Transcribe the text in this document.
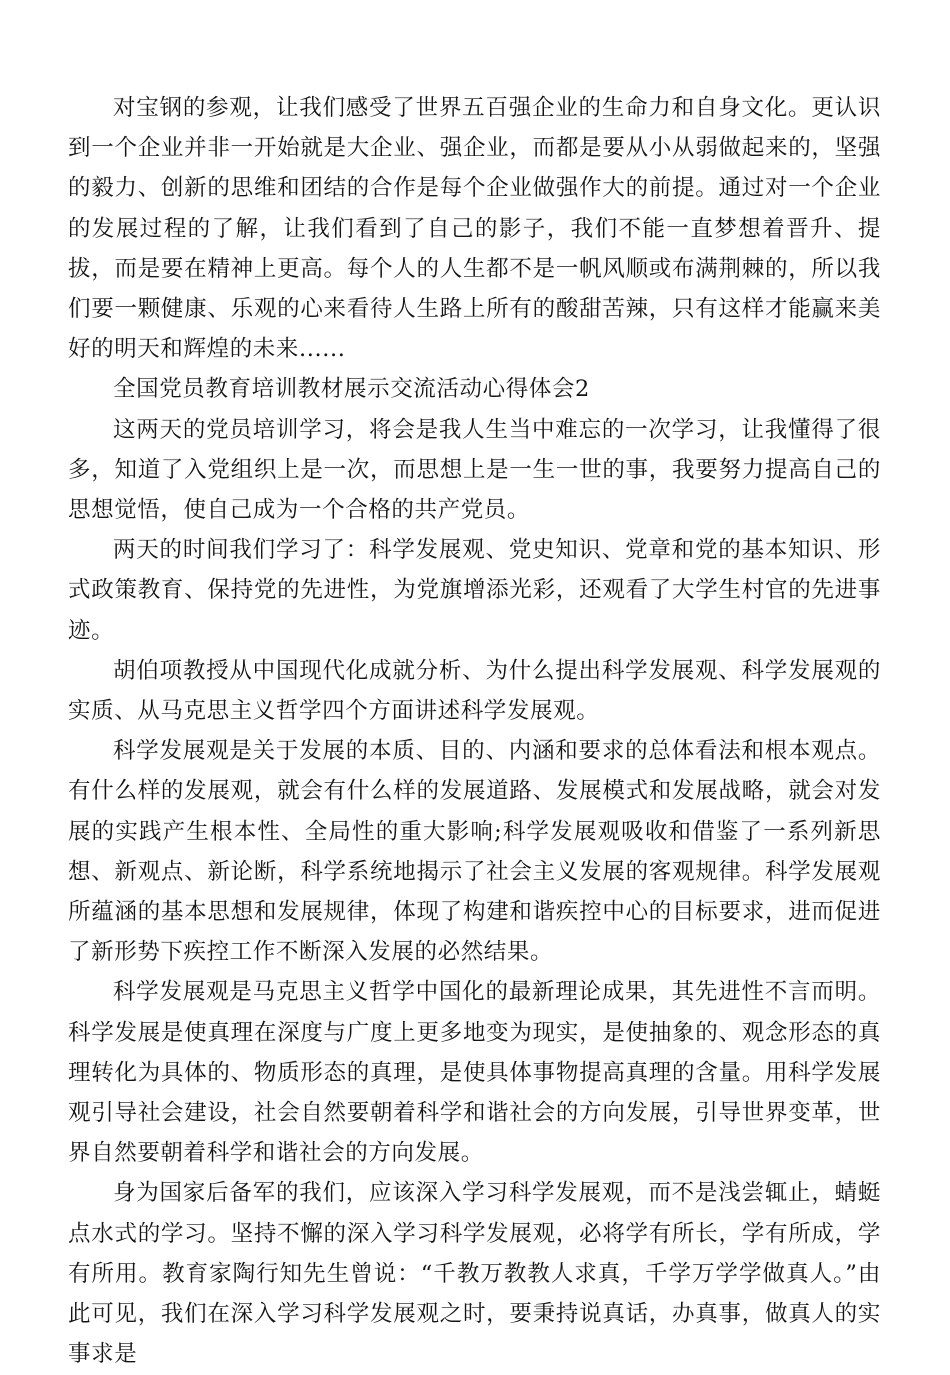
对宝钢的参观，让我们感受了世界五百强企业的生命力和自身文化。更认识到一个企业并非一开始就是大企业、强企业，而都是要从小从弱做起来的，坚强的毅力、创新的思维和团结的合作是每个企业做强作大的前提。通过对一个企业的发展过程的了解，让我们看到了自己的影子，我们不能一直梦想着晋升、提拔，而是要在精神上更高。每个人的人生都不是一帆风顺或布满荆棘的，所以我们要一颗健康、乐观的心来看待人生路上所有的酸甜苦辣，只有这样才能赢来美好的明天和辉煌的未来......

全国党员教育培训教材展示交流活动心得体会2

这两天的党员培训学习，将会是我人生当中难忘的一次学习，让我懂得了很多，知道了入党组织上是一次，而思想上是一生一世的事，我要努力提高自己的思想觉悟，使自己成为一个合格的共产党员。

两天的时间我们学习了：科学发展观、党史知识、党章和党的基本知识、形式政策教育、保持党的先进性，为党旗增添光彩，还观看了大学生村官的先进事迹。

胡伯项教授从中国现代化成就分析、为什么提出科学发展观、科学发展观的实质、从马克思主义哲学四个方面讲述科学发展观。

科学发展观是关于发展的本质、目的、内涵和要求的总体看法和根本观点。有什么样的发展观，就会有什么样的发展道路、发展模式和发展战略，就会对发展的实践产生根本性、全局性的重大影响;科学发展观吸收和借鉴了一系列新思想、新观点、新论断，科学系统地揭示了社会主义发展的客观规律。科学发展观所蕴涵的基本思想和发展规律，体现了构建和谐疾控中心的目标要求，进而促进了新形势下疾控工作不断深入发展的必然结果。

科学发展观是马克思主义哲学中国化的最新理论成果，其先进性不言而明。科学发展是使真理在深度与广度上更多地变为现实，是使抽象的、观念形态的真理转化为具体的、物质形态的真理，是使具体事物提高真理的含量。用科学发展观引导社会建设，社会自然要朝着科学和谐社会的方向发展，引导世界变革，世界自然要朝着科学和谐社会的方向发展。

身为国家后备军的我们，应该深入学习科学发展观，而不是浅尝辄止，蜻蜓点水式的学习。坚持不懈的深入学习科学发展观，必将学有所长，学有所成，学有所用。教育家陶行知先生曾说：“千教万教教人求真，千学万学学做真人。”由此可见，我们在深入学习科学发展观之时，要秉持说真话，办真事，做真人的实事求是
